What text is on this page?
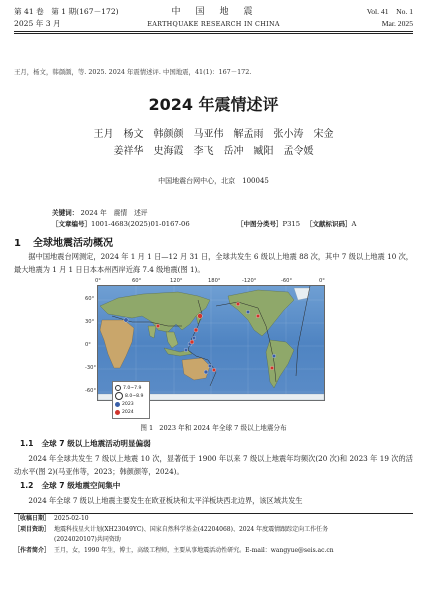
第 41 卷　第 1 期(167－172)
2025 年 3 月
中　国　地　震
EARTHQUAKE RESEARCH IN CHINA
Vol. 41　No. 1
Mar. 2025
王月，杨文，韩颜颜，等. 2025. 2024 年震情述评. 中国地震，41(1)：167－172.
2024 年震情述评
王月　杨文　韩颜颜　马亚伟　解孟雨　张小涛　宋金
姜祥华　史海霞　李飞　岳冲　臧阳　孟令媛
中国地震台网中心，北京　100045
关键词： 2024 年　震情　述评
［文章编号］1001-4683(2025)01-0167-06	［中图分类号］P315 ［文献标识码］A
1 全球地震活动概况
据中国地震台网测定，2024 年 1 月 1 日—12 月 31 日，全球共发生 6 级以上地震 88 次，其中 7 级以上地震 10 次，最大地震为 1 月 1 日日本本州西岸近海 7.4 级地震(图 1)。
0°	60°	120°	180°	-120°	-60°	0°
60°
30°
0°
-30°
-60°	7.0~7.9
8.0~8.9
2023
2024
图 1 2023 年和 2024 年全球 7 级以上地震分布
1.1 全球 7 级以上地震活动明显偏弱
2024 年全球共发生 7 级以上地震 10 次，显著低于 1900 年以来 7 级以上地震年均频次(20 次)和 2023 年 19 次的活动水平(图 2)(马亚伟等，2023；韩颜颜等，2024)。
1.2 全球 7 级地震空间集中
2024 年全球 7 级以上地震主要发生在欧亚板块和太平洋板块西北边界，该区域共发生
［收稿日期］ 2025-02-10
［项目资助］ 地震科技星火计划(XH23049YC)、国家自然科学基金(42204068)、2024 年度震情跟踪定向工作任务
(2024020107)共同资助
［作者简介］ 王月，女，1990 年生，博士，高级工程师，主要从事地震活动性研究。E-mail：wangyue@seis.ac.cn
